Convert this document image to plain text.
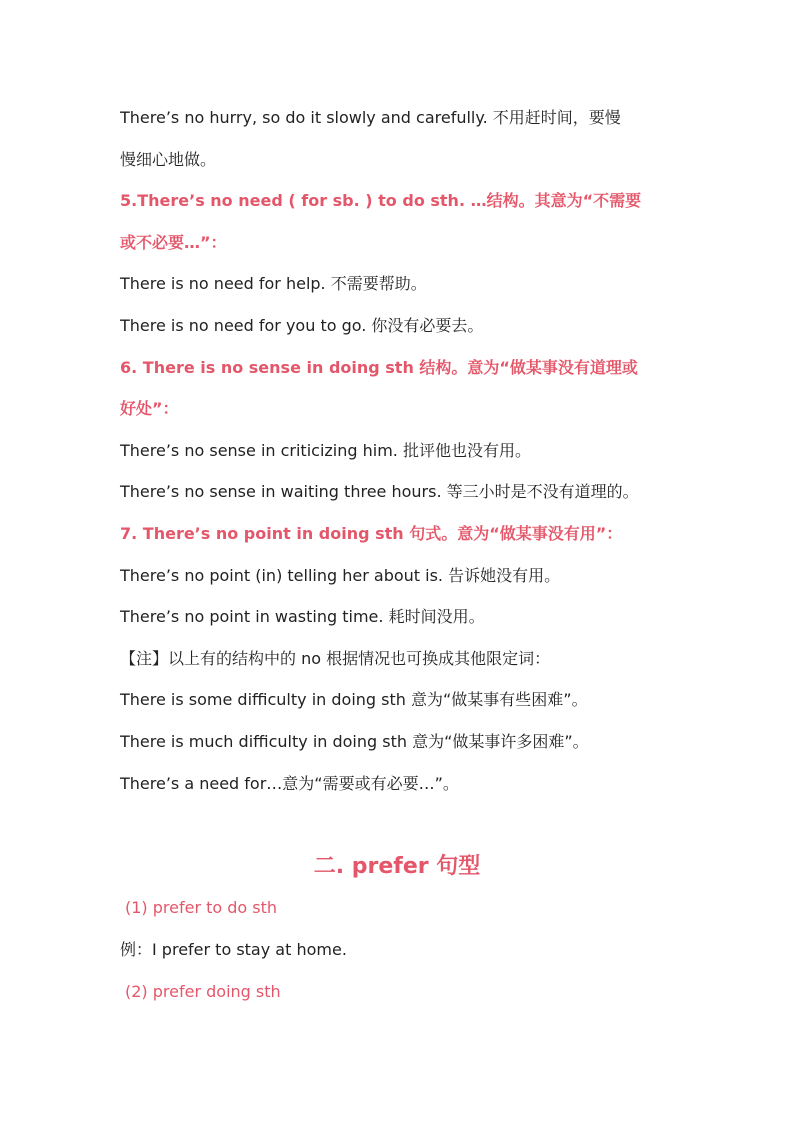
There’s no hurry, so do it slowly and carefully. 不用赶时间，要慢
慢细心地做。
5.There’s no need ( for sb. ) to do sth. …结构。其意为“不需要
或不必要…”：
There is no need for help. 不需要帮助。
There is no need for you to go. 你没有必要去。
6. There is no sense in doing sth 结构。意为“做某事没有道理或
好处”：
There’s no sense in criticizing him. 批评他也没有用。
There’s no sense in waiting three hours. 等三小时是不没有道理的。
7. There’s no point in doing sth 句式。意为“做某事没有用”：
There’s no point (in) telling her about is. 告诉她没有用。
There’s no point in wasting time. 耗时间没用。
【注】以上有的结构中的 no 根据情况也可换成其他限定词：
There is some difficulty in doing sth 意为“做某事有些困难”。
There is much difficulty in doing sth 意为“做某事许多困难”。
There’s a need for…意为“需要或有必要…”。
二. prefer 句型
(1) prefer to do sth
例：I prefer to stay at home.
(2) prefer doing sth
